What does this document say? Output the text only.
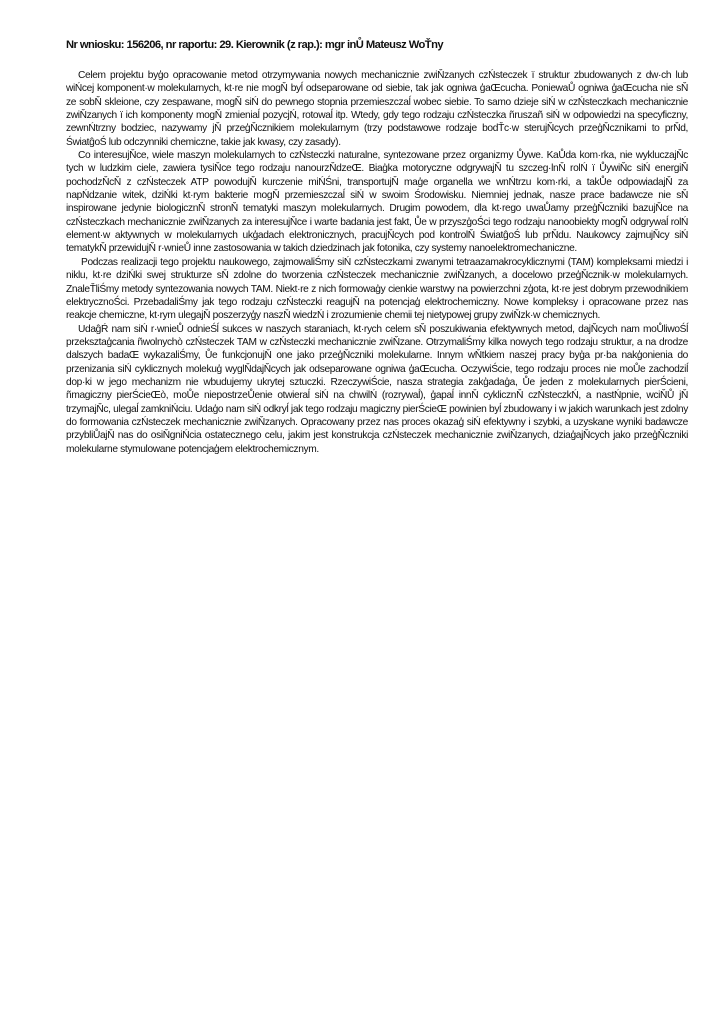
Nr wniosku: 156206, nr raportu: 29. Kierownik (z rap.): mgr inŮ Mateusz WoŤny

Celem projektu byģo opracowanie metod otrzymywania nowych mechanicznie zwiŇzanych czŃsteczek ï struktur zbudowanych z dw·ch lub wiŃcej komponent·w molekularnych, kt·re nie mogŇ byĺ odseparowane od siebie, tak jak ogniwa ģaŒcucha. PoniewaŮ ogniwa ģaŒcucha nie sŇ ze sobŇ skleione, czy zespawane, mogŇ siŃ do pewnego stopnia przemieszczaĺ wobec siebie. To samo dzieje siŃ w czŃsteczkach mechanicznie zwiŇzanych ï ich komponenty mogŇ zmieniaĺ pozycjŃ, rotowaĺ itp. Wtedy, gdy tego rodzaju czŃsteczka ñruszañ siŃ w odpowiedzi na specyficzny, zewnŃtrzny bodziec, nazywamy jŇ przeģŇcznikiem molekularnym (trzy podstawowe rodzaje bodŤc·w sterujŇcych przeģŇcznikami to prŇd, ŚwiatĝoŚ lub odczynniki chemiczne, takie jak kwasy, czy zasady).

Co interesujŇce, wiele maszyn molekularnych to czŃsteczki naturalne, syntezowane przez organizmy Ůywe. KaŮda kom·rka, nie wykluczajŇc tych w ludzkim ciele, zawiera tysiŇce tego rodzaju nanourzŇdzeŒ. Biaģka motoryczne odgrywajŇ tu szczeg·lnŇ rolŃ ï ŮywiŇc siŃ energiŇ pochodzŇcŇ z czŃsteczek ATP powodujŇ kurczenie miŃŚni, transportujŇ maģe organella we wnŃtrzu kom·rki, a takŮe odpowiadajŇ za napŃdzanie witek, dziŃki kt·rym bakterie mogŇ przemieszczaĺ siŃ w swoim Środowisku. Niemniej jednak, nasze prace badawcze nie sŇ inspirowane jedynie biologicznŇ stronŇ tematyki maszyn molekularnych. Drugim powodem, dla kt·rego uwaŮamy przeģŇczniki bazujŇce na czŃsteczkach mechanicznie zwiŇzanych za interesujŇce i warte badania jest fakt, Ůe w przyszģoŚci tego rodzaju nanoobiekty mogŇ odgrywaĺ rolŃ element·w aktywnych w molekularnych ukģadach elektronicznych, pracujŇcych pod kontrolŇ ŚwiatĝoŚ lub prŇdu. Naukowcy zajmujŇcy siŃ tematykŇ przewidujŇ r·wnieŮ inne zastosowania w takich dziedzinach jak fotonika, czy systemy nanoelektromechaniczne.

Podczas realizacji tego projektu naukowego, zajmowaliŚmy siŃ czŃsteczkami zwanymi tetraazamakrocyklicznymi (TAM) kompleksami miedzi i niklu, kt·re dziŃki swej strukturze sŇ zdolne do tworzenia czŃsteczek mechanicznie zwiŇzanych, a docelowo przeģŇcznik·w molekularnych. ZnaleŤliŚmy metody syntezowania nowych TAM. Niekt·re z nich formowaģy cienkie warstwy na powierzchni zģota, kt·re jest dobrym przewodnikiem elektrycznoŚci. PrzebadaliŚmy jak tego rodzaju czŃsteczki reagujŇ na potencjaģ elektrochemiczny. Nowe kompleksy i opracowane przez nas reakcje chemiczne, kt·rym ulegajŇ poszerzyģy naszŇ wiedzŃ i zrozumienie chemii tej nietypowej grupy zwiŇzk·w chemicznych.

UdaĝŔ nam siŃ r·wnieŮ odnieŚĺ sukces w naszych staraniach, kt·rych celem sŇ poszukiwania efektywnych metod, dajŇcych nam moŮliwoŚĺ przeksztaģcania ñwolnychò czŃsteczek TAM w czŃsteczki mechanicznie zwiŇzane. OtrzymaliŚmy kilka nowych tego rodzaju struktur, a na drodze dalszych badaŒ wykazaliŚmy, Ůe funkcjonujŇ one jako przeģŇczniki molekularne. Innym wŇtkiem naszej pracy byģa pr·ba nakģonienia do przenizania siŃ cyklicznych molekuģ wyglŇdajŇcych jak odseparowane ogniwa ģaŒcucha. OczywiŚcie, tego rodzaju proces nie moŮe zachodziĺ dop·ki w jego mechanizm nie wbudujemy ukrytej sztuczki. RzeczywiŚcie, nasza strategia zakģadaģa, Ůe jeden z molekularnych pierŚcieni, ñmagiczny pierŚcieŒò, moŮe niepostrzeŮenie otwieraĺ siŃ na chwilŃ (rozrywaĺ), ģapaĺ innŇ cyklicznŇ czŃsteczkŃ, a nastŃpnie, wciŇŮ jŇ trzymajŇc, ulegaĺ zamkniŃciu. Udaģo nam siŃ odkryĺ jak tego rodzaju magiczny pierŚcieŒ powinien byĺ zbudowany i w jakich warunkach jest zdolny do formowania czŃsteczek mechanicznie zwiŇzanych. Opracowany przez nas proces okazaģ siŃ efektywny i szybki, a uzyskane wyniki badawcze przybliŮajŇ nas do osiŇgniŃcia ostatecznego celu, jakim jest konstrukcja czŃsteczek mechanicznie zwiŇzanych, dziaģajŇcych jako przeģŇczniki molekularne stymulowane potencjaģem elektrochemicznym.
